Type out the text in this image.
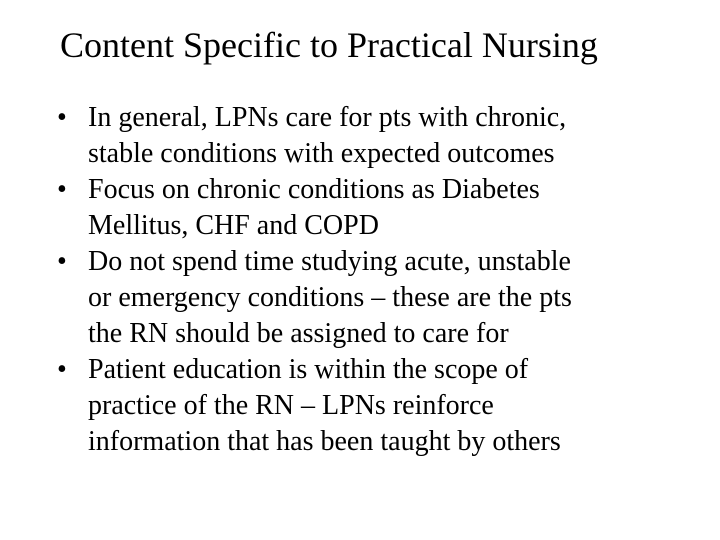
Content Specific to Practical Nursing
• In general, LPNs care for pts with chronic,
stable conditions with expected outcomes
• Focus on chronic conditions as Diabetes
Mellitus, CHF and COPD
• Do not spend time studying acute, unstable
or emergency conditions – these are the pts
the RN should be assigned to care for
• Patient education is within the scope of
practice of the RN – LPNs reinforce
information that has been taught by others
